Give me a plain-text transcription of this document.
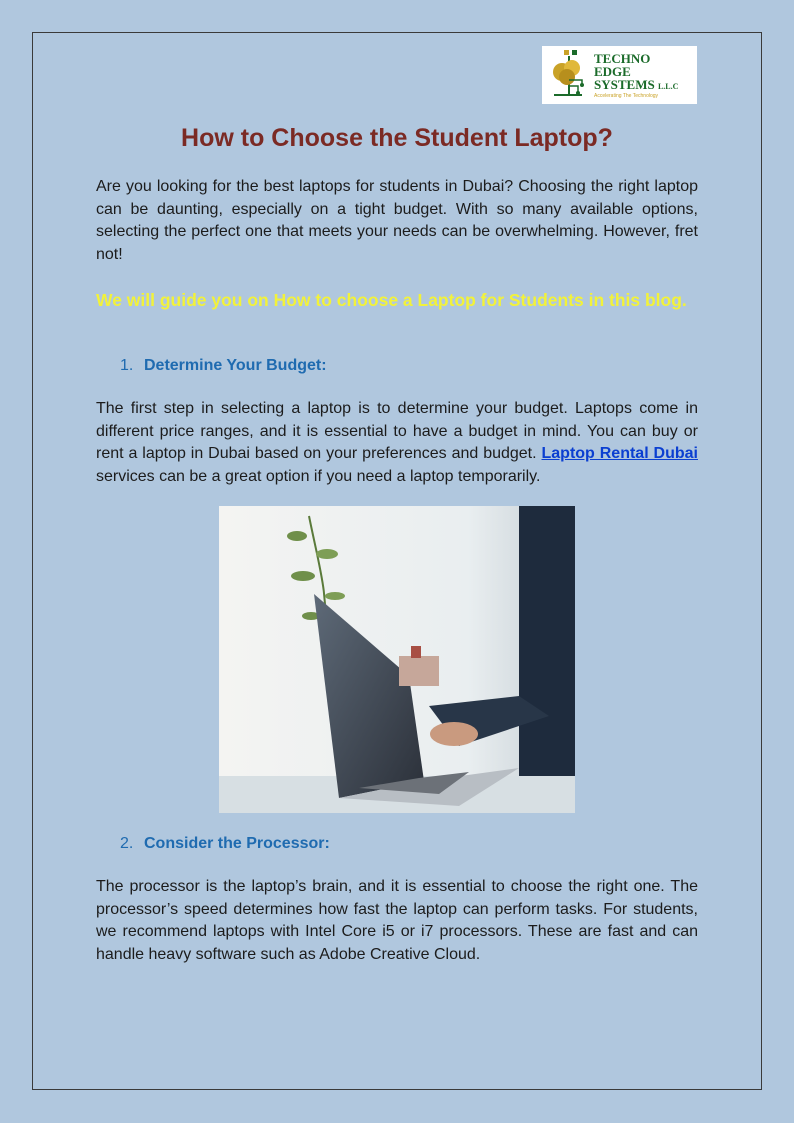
TECHNO
EDGE
SYSTEMS L.L.C
Accelerating The Technology
How to Choose the Student Laptop?

Are you looking for the best laptops for students in Dubai? Choosing the right laptop can be daunting, especially on a tight budget. With so many available options, selecting the perfect one that meets your needs can be overwhelming. However, fret not!

We will guide you on How to choose a Laptop for Students in this blog.

1. Determine Your Budget:

The first step in selecting a laptop is to determine your budget. Laptops come in different price ranges, and it is essential to have a budget in mind. You can buy or rent a laptop in Dubai based on your preferences and budget. Laptop Rental Dubai services can be a great option if you need a laptop temporarily.

2. Consider the Processor:

The processor is the laptop’s brain, and it is essential to choose the right one. The processor’s speed determines how fast the laptop can perform tasks. For students, we recommend laptops with Intel Core i5 or i7 processors. These are fast and can handle heavy software such as Adobe Creative Cloud.
